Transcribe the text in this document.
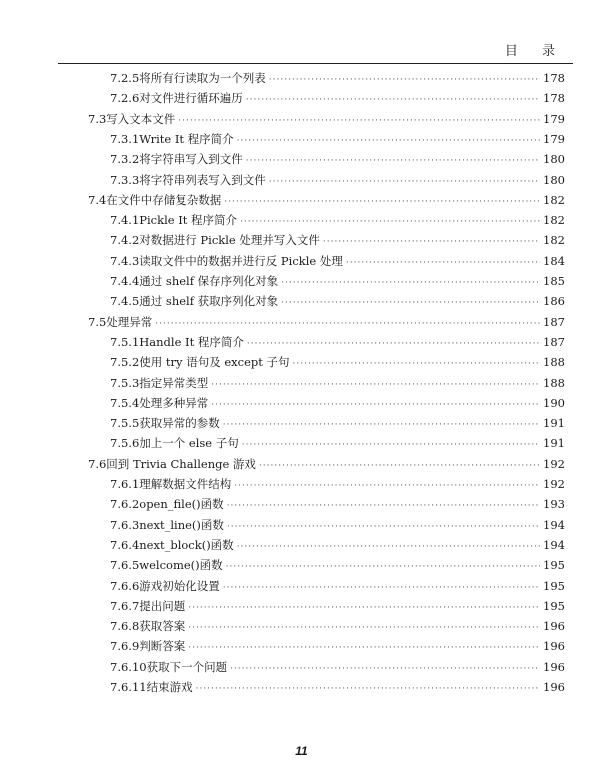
目 录
7.2.5 将所有行读取为一个列表 ·····	178
7.2.6 对文件进行循环遍历 ·····	178
7.3 写入文本文件 ·····	179
7.3.1 Write It 程序简介 ·····	179
7.3.2 将字符串写入到文件 ·····	180
7.3.3 将字符串列表写入到文件 ·····	180
7.4 在文件中存储复杂数据 ·····	182
7.4.1 Pickle It 程序简介 ·····	182
7.4.2 对数据进行 Pickle 处理并写入文件 ·····	182
7.4.3 读取文件中的数据并进行反 Pickle 处理 ·····	184
7.4.4 通过 shelf 保存序列化对象 ·····	185
7.4.5 通过 shelf 获取序列化对象 ·····	186
7.5 处理异常 ·····	187
7.5.1 Handle It 程序简介 ·····	187
7.5.2 使用 try 语句及 except 子句 ·····	188
7.5.3 指定异常类型 ·····	188
7.5.4 处理多种异常 ·····	190
7.5.5 获取异常的参数 ·····	191
7.5.6 加上一个 else 子句 ·····	191
7.6 回到 Trivia Challenge 游戏 ·····	192
7.6.1 理解数据文件结构 ·····	192
7.6.2 open_file()函数 ·····	193
7.6.3 next_line()函数 ·····	194
7.6.4 next_block()函数 ·····	194
7.6.5 welcome()函数 ·····	195
7.6.6 游戏初始化设置 ·····	195
7.6.7 提出问题 ·····	195
7.6.8 获取答案 ·····	196
7.6.9 判断答案 ·····	196
7.6.10 获取下一个问题 ·····	196
7.6.11 结束游戏 ·····	196
11
